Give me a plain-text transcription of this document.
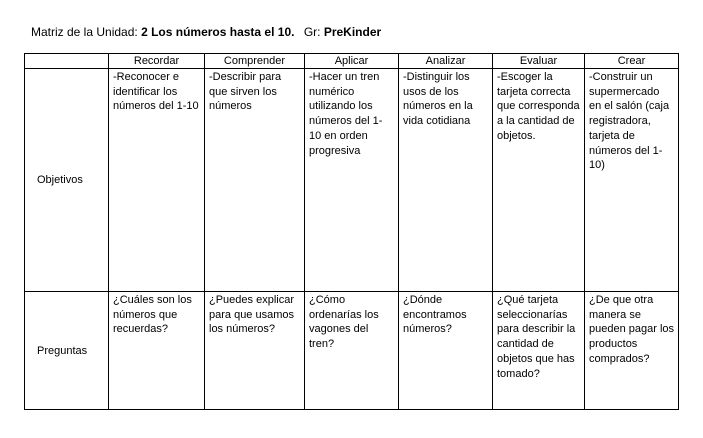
Matriz de la Unidad: 2 Los números hasta el 10. Gr: PreKinder
	Recordar	Comprender	Aplicar	Analizar	Evaluar	Crear
Objetivos	-Reconocer e identificar los números del 1-10	-Describir para que sirven los números	-Hacer un tren numérico utilizando los números del 1-10 en orden progresiva	-Distinguir los usos de los números en la vida cotidiana	-Escoger la tarjeta correcta que corresponda a la cantidad de objetos.	-Construir un supermercado en el salón (caja registradora, tarjeta de números del 1-10)
Preguntas	¿Cuáles son los números que recuerdas?	¿Puedes explicar para que usamos los números?	¿Cómo ordenarías los vagones del tren?	¿Dónde encontramos números?	¿Qué tarjeta seleccionarías para describir la cantidad de objetos que has tomado?	¿De que otra manera se pueden pagar los productos comprados?
